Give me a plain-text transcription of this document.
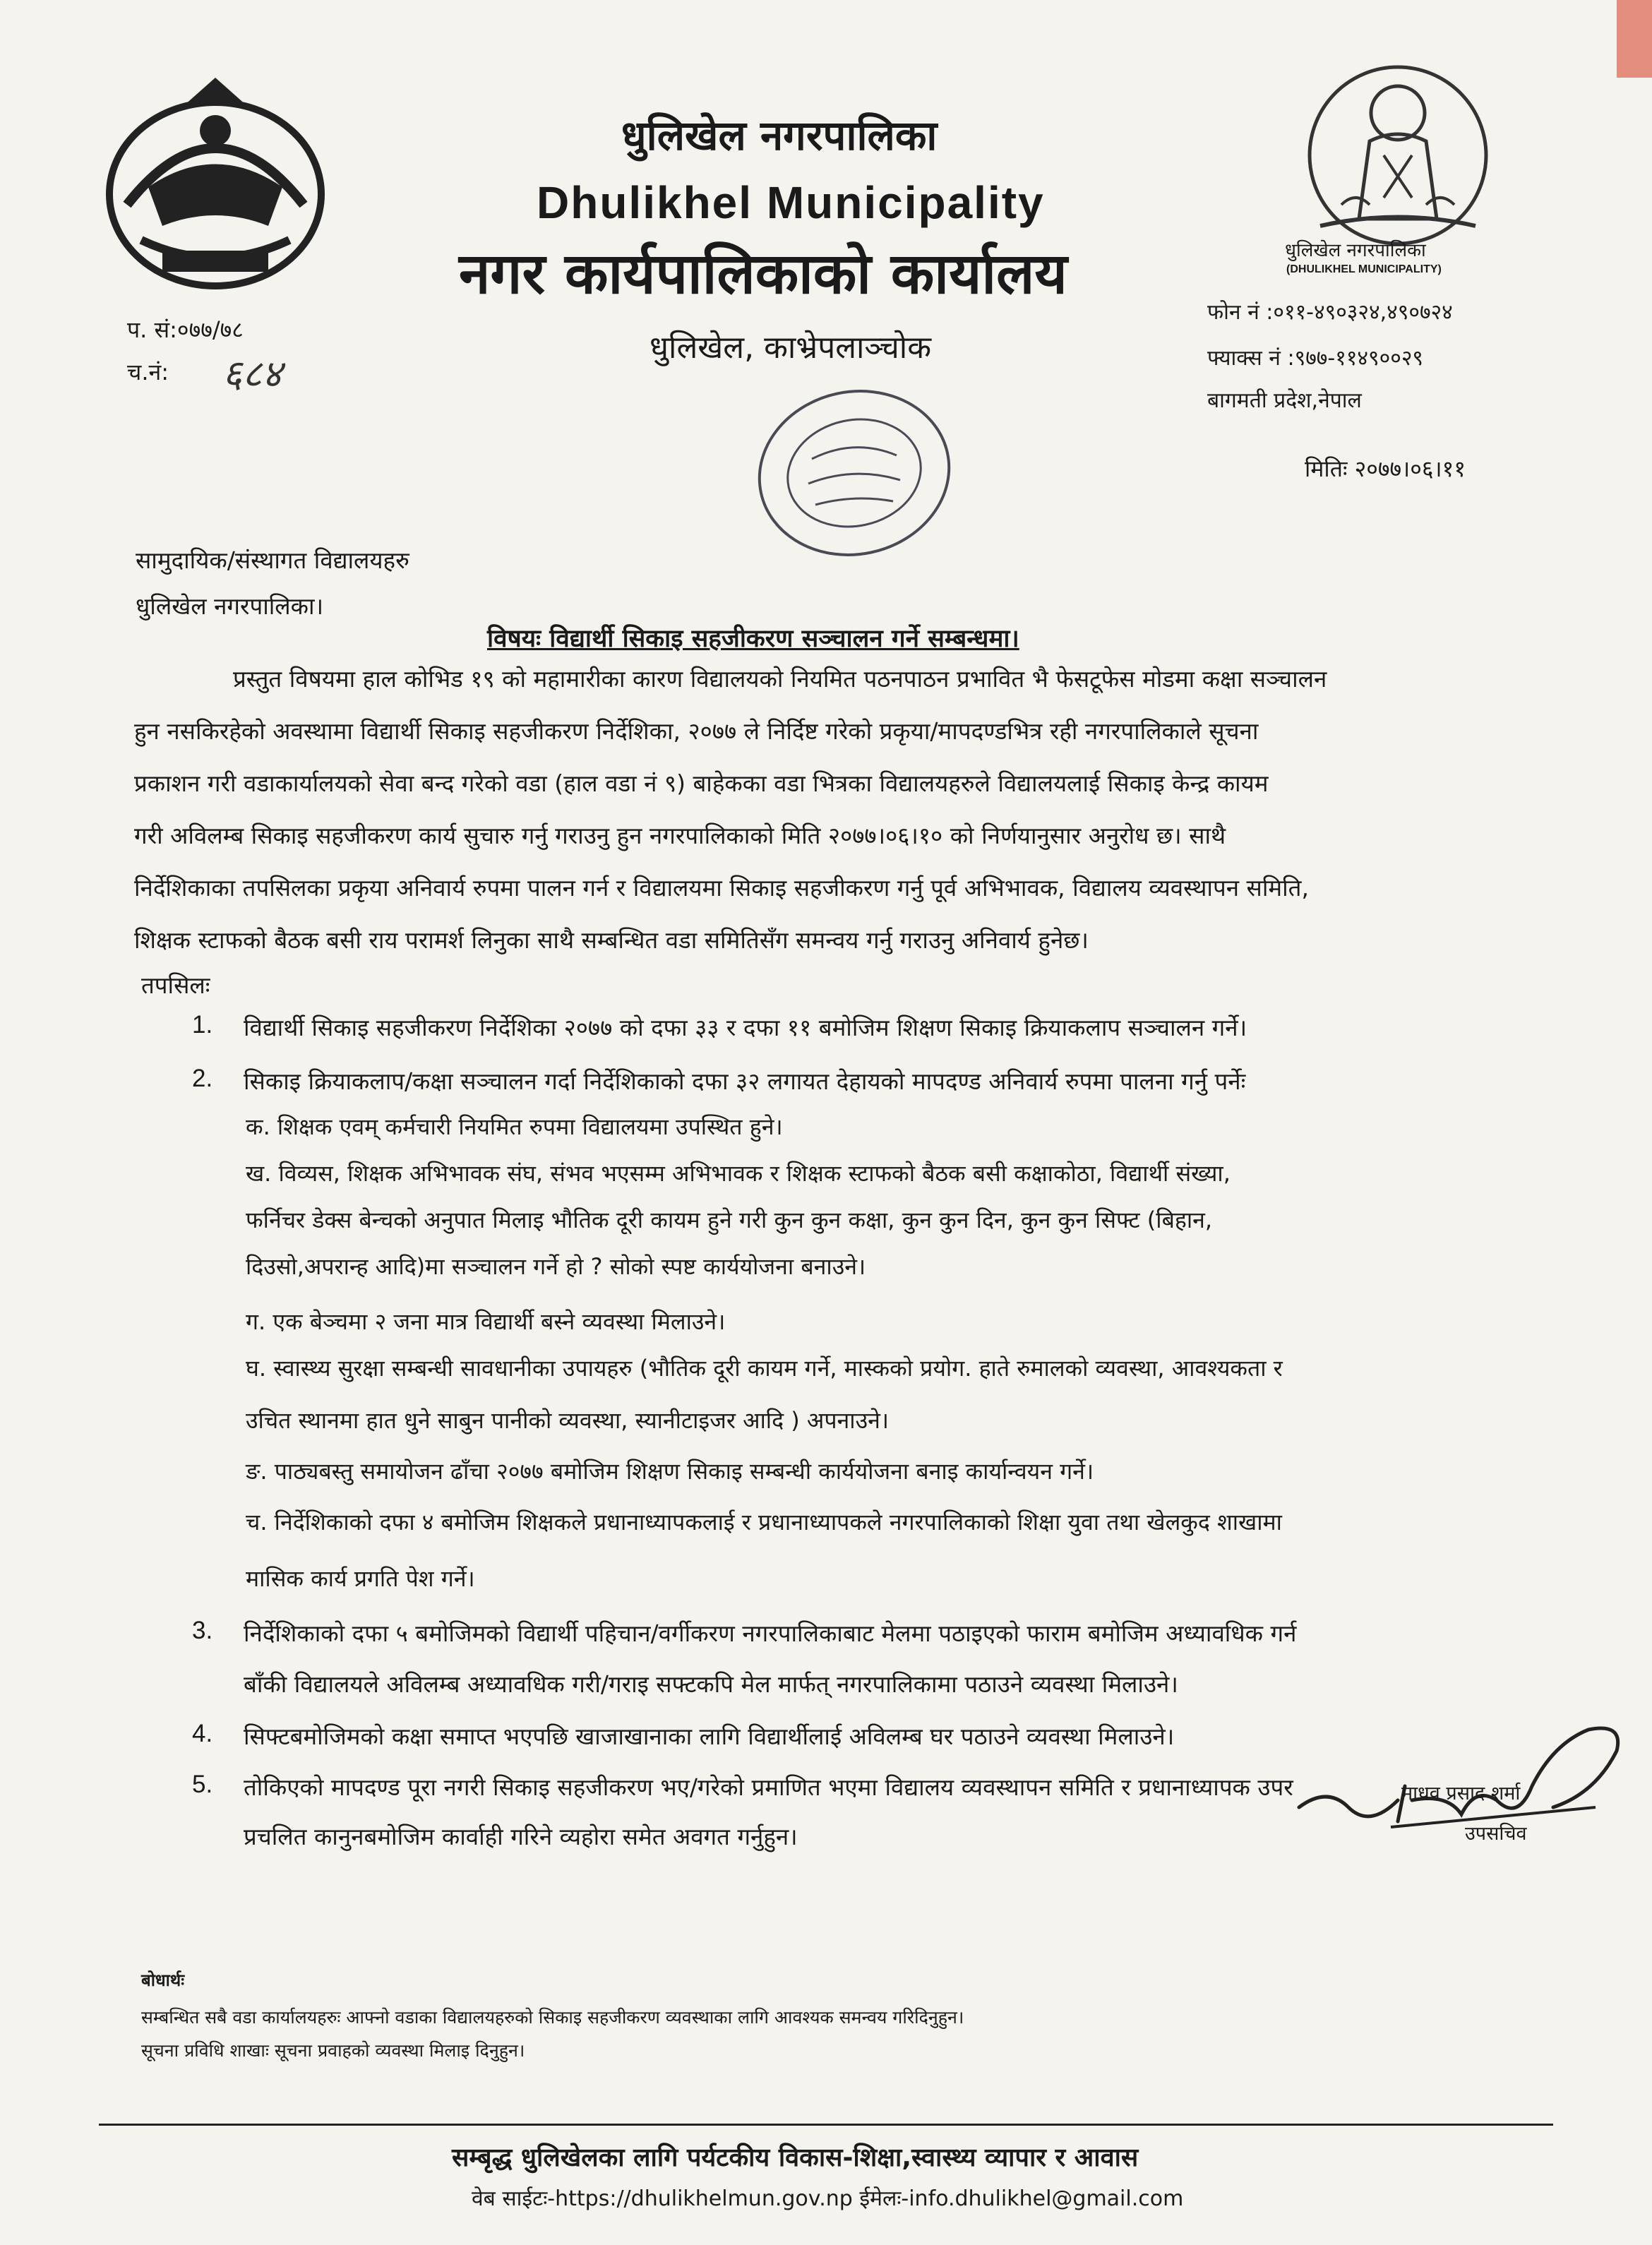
धुलिखेल नगरपालिका
Dhulikhel Municipality
नगर कार्यपालिकाको कार्यालय	धुलिखेल नगरपालिका
(DHULIKHEL MUNICIPALITY)
प. सं:०७७/७८
च.नं: ६८४
धुलिखेल, काभ्रेपलाञ्चोक
फोन नं :०११-४९०३२४,४९०७२४
फ्याक्स नं :९७७-११४९००२९
बागमती प्रदेश,नेपाल
मितिः २०७७।०६।११
सामुदायिक/संस्थागत विद्यालयहरु
धुलिखेल नगरपालिका।
विषयः विद्यार्थी सिकाइ सहजीकरण सञ्चालन गर्ने सम्बन्धमा।
प्रस्तुत विषयमा हाल कोभिड १९ को महामारीका कारण विद्यालयको नियमित पठनपाठन प्रभावित भै फेसटूफेस मोडमा कक्षा सञ्चालन
हुन नसकिरहेको अवस्थामा विद्यार्थी सिकाइ सहजीकरण निर्देशिका, २०७७ ले निर्दिष्ट गरेको प्रकृया/मापदण्डभित्र रही नगरपालिकाले सूचना
प्रकाशन गरी वडाकार्यालयको सेवा बन्द गरेको वडा (हाल वडा नं ९) बाहेकका वडा भित्रका विद्यालयहरुले विद्यालयलाई सिकाइ केन्द्र कायम
गरी अविलम्ब सिकाइ सहजीकरण कार्य सुचारु गर्नु गराउनु हुन नगरपालिकाको मिति २०७७।०६।१० को निर्णयानुसार अनुरोध छ। साथै
निर्देशिकाका तपसिलका प्रकृया अनिवार्य रुपमा पालन गर्न र विद्यालयमा सिकाइ सहजीकरण गर्नु पूर्व अभिभावक, विद्यालय व्यवस्थापन समिति,
शिक्षक स्टाफको बैठक बसी राय परामर्श लिनुका साथै सम्बन्धित वडा समितिसँग समन्वय गर्नु गराउनु अनिवार्य हुनेछ।
तपसिलः
1. विद्यार्थी सिकाइ सहजीकरण निर्देशिका २०७७ को दफा ३३ र दफा ११ बमोजिम शिक्षण सिकाइ क्रियाकलाप सञ्चालन गर्ने।
2. सिकाइ क्रियाकलाप/कक्षा सञ्चालन गर्दा निर्देशिकाको दफा ३२ लगायत देहायको मापदण्ड अनिवार्य रुपमा पालना गर्नु पर्नेः
क. शिक्षक एवम् कर्मचारी नियमित रुपमा विद्यालयमा उपस्थित हुने।
ख. विव्यस, शिक्षक अभिभावक संघ, संभव भएसम्म अभिभावक र शिक्षक स्टाफको बैठक बसी कक्षाकोठा, विद्यार्थी संख्या,
फर्निचर डेक्स बेन्चको अनुपात मिलाइ भौतिक दूरी कायम हुने गरी कुन कुन कक्षा, कुन कुन दिन, कुन कुन सिफ्ट (बिहान,
दिउसो,अपरान्ह आदि)मा सञ्चालन गर्ने हो ? सोको स्पष्ट कार्ययोजना बनाउने।
ग. एक बेञ्चमा २ जना मात्र विद्यार्थी बस्ने व्यवस्था मिलाउने।
घ. स्वास्थ्य सुरक्षा सम्बन्धी सावधानीका उपायहरु (भौतिक दूरी कायम गर्ने, मास्कको प्रयोग. हाते रुमालको व्यवस्था, आवश्यकता र
उचित स्थानमा हात धुने साबुन पानीको व्यवस्था, स्यानीटाइजर आदि ) अपनाउने।
ङ. पाठ्यबस्तु समायोजन ढाँचा २०७७ बमोजिम शिक्षण सिकाइ सम्बन्धी कार्ययोजना बनाइ कार्यान्वयन गर्ने।
च. निर्देशिकाको दफा ४ बमोजिम शिक्षकले प्रधानाध्यापकलाई र प्रधानाध्यापकले नगरपालिकाको शिक्षा युवा तथा खेलकुद शाखामा
मासिक कार्य प्रगति पेश गर्ने।
3. निर्देशिकाको दफा ५ बमोजिमको विद्यार्थी पहिचान/वर्गीकरण नगरपालिकाबाट मेलमा पठाइएको फाराम बमोजिम अध्यावधिक गर्न
बाँकी विद्यालयले अविलम्ब अध्यावधिक गरी/गराइ सफ्टकपि मेल मार्फत् नगरपालिकामा पठाउने व्यवस्था मिलाउने।
4. सिफ्टबमोजिमको कक्षा समाप्त भएपछि खाजाखानाका लागि विद्यार्थीलाई अविलम्ब घर पठाउने व्यवस्था मिलाउने।
5. तोकिएको मापदण्ड पूरा नगरी सिकाइ सहजीकरण भए/गरेको प्रमाणित भएमा विद्यालय व्यवस्थापन समिति र प्रधानाध्यापक उपर
प्रचलित कानुनबमोजिम कार्वाही गरिने व्यहोरा समेत अवगत गर्नुहुन।
माधव प्रसाद शर्मा
उपसचिव
बोधार्थः
सम्बन्धित सबै वडा कार्यालयहरुः आफ्नो वडाका विद्यालयहरुको सिकाइ सहजीकरण व्यवस्थाका लागि आवश्यक समन्वय गरिदिनुहुन।
सूचना प्रविधि शाखाः सूचना प्रवाहको व्यवस्था मिलाइ दिनुहुन।
सम्बृद्ध धुलिखेलका लागि पर्यटकीय विकास-शिक्षा,स्वास्थ्य व्यापार र आवास
वेब साईटः-https://dhulikhelmun.gov.np ईमेलः-info.dhulikhel@gmail.com
